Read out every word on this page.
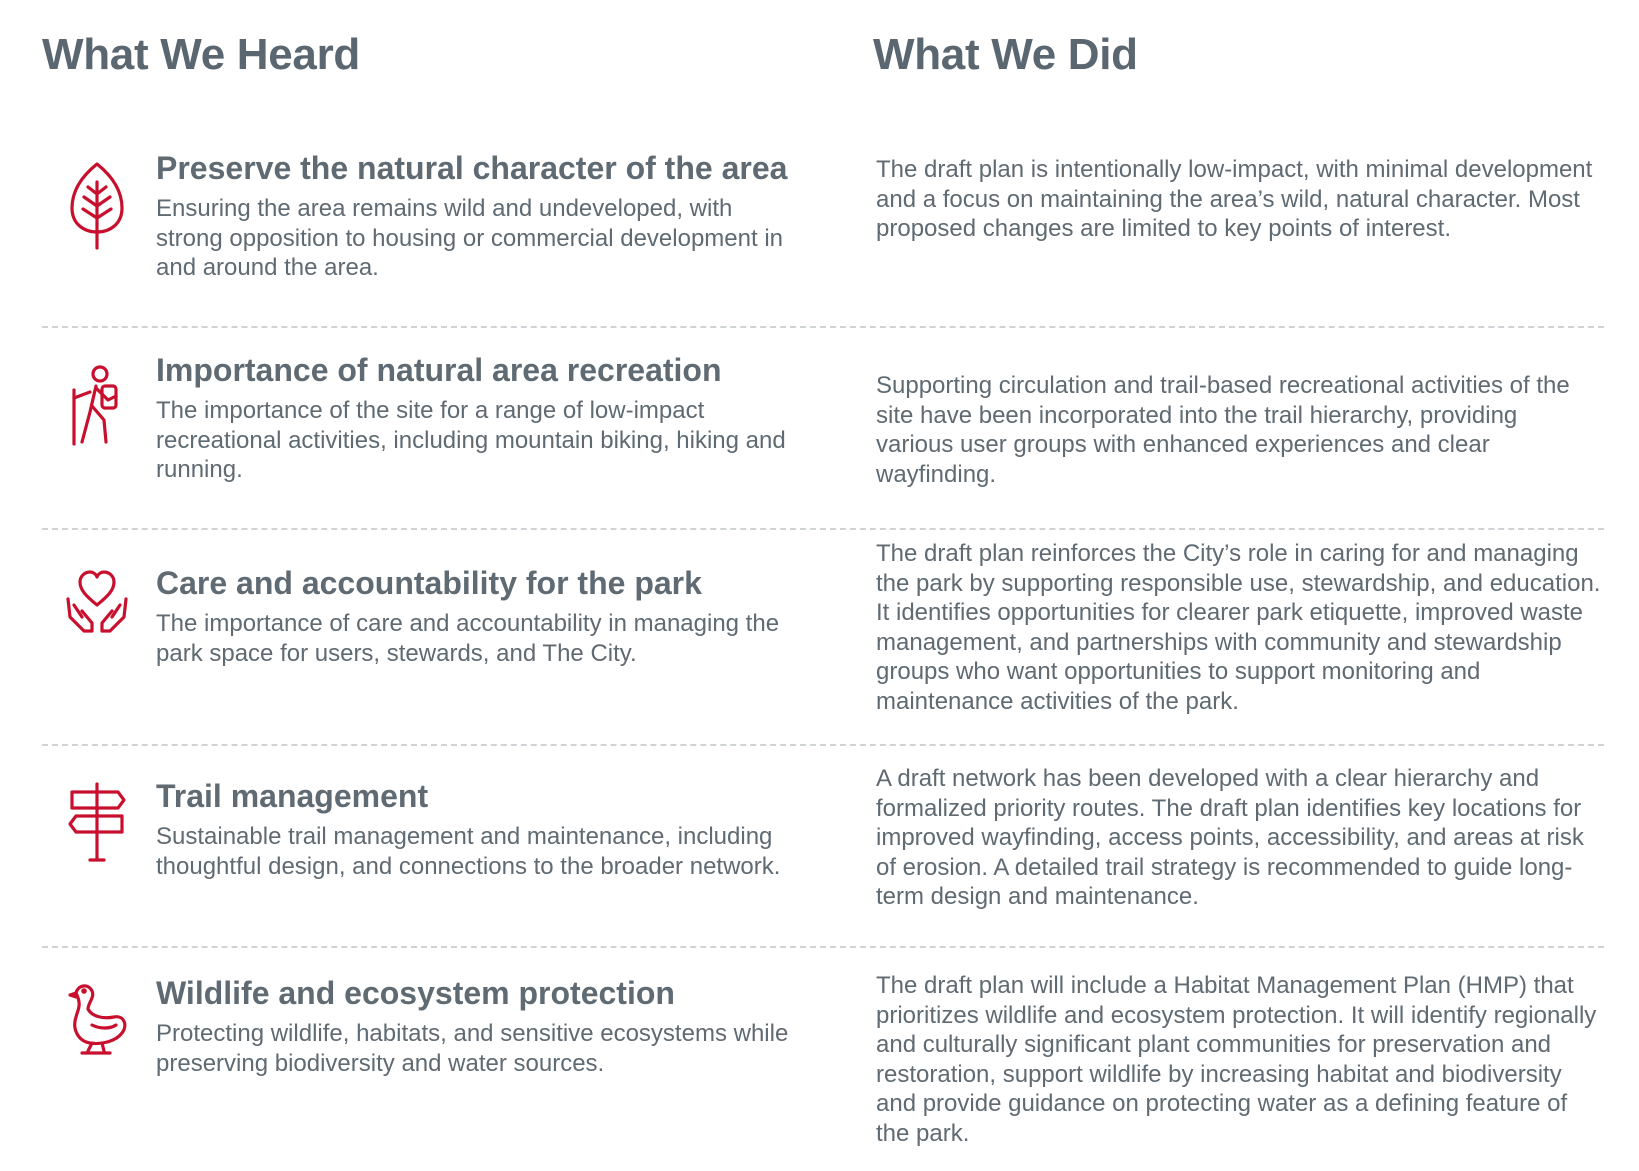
What We Heard	What We Did
Preserve the natural character of the area

Ensuring the area remains wild and undeveloped, with strong opposition to housing or commercial development in and around the area.

The draft plan is intentionally low-impact, with minimal development and a focus on maintaining the area’s wild, natural character. Most proposed changes are limited to key points of interest.

Importance of natural area recreation

The importance of the site for a range of low-impact recreational activities, including mountain biking, hiking and running.

Supporting circulation and trail-based recreational activities of the site have been incorporated into the trail hierarchy, providing various user groups with enhanced experiences and clear wayfinding.

Care and accountability for the park

The importance of care and accountability in managing the park space for users, stewards, and The City.

The draft plan reinforces the City’s role in caring for and managing the park by supporting responsible use, stewardship, and education. It identifies opportunities for clearer park etiquette, improved waste management, and partnerships with community and stewardship groups who want opportunities to support monitoring and maintenance activities of the park.

Trail management

Sustainable trail management and maintenance, including thoughtful design, and connections to the broader network.

A draft network has been developed with a clear hierarchy and formalized priority routes. The draft plan identifies key locations for improved wayfinding, access points, accessibility, and areas at risk of erosion. A detailed trail strategy is recommended to guide long-term design and maintenance.

Wildlife and ecosystem protection

Protecting wildlife, habitats, and sensitive ecosystems while preserving biodiversity and water sources.

The draft plan will include a Habitat Management Plan (HMP) that prioritizes wildlife and ecosystem protection. It will identify regionally and culturally significant plant communities for preservation and restoration, support wildlife by increasing habitat and biodiversity and provide guidance on protecting water as a defining feature of the park.
